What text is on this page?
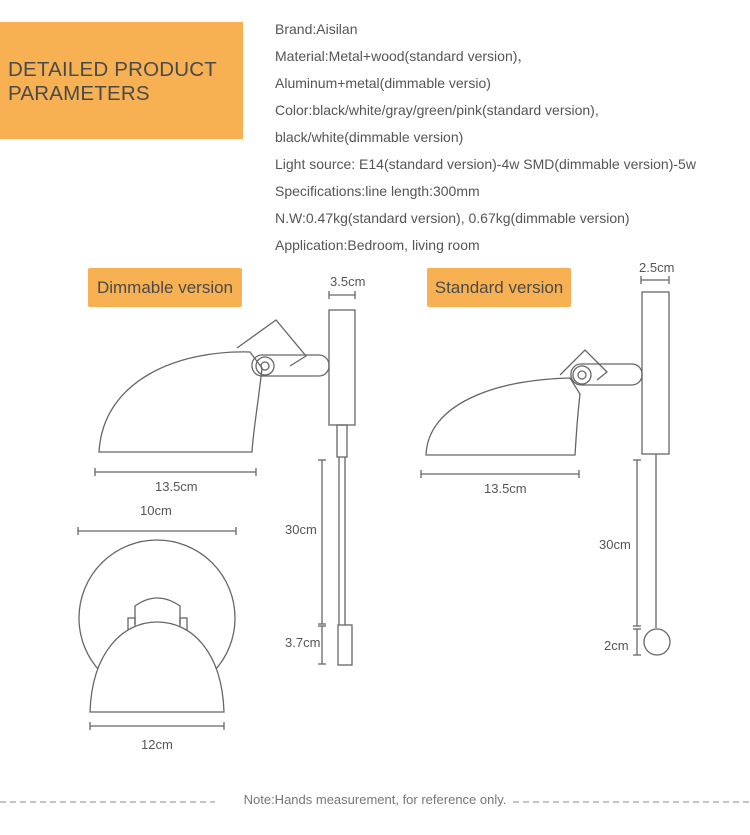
DETAILED PRODUCT
PARAMETERS
Brand:Aisilan
Material:Metal+wood(standard version)，
Aluminum+metal(dimmable versio)
Color:black/white/gray/green/pink(standard version),
black/white(dimmable version)
Light source: E14(standard version)-4w SMD(dimmable version)-5w
Specifications:line length:300mm
N.W:0.47kg(standard version), 0.67kg(dimmable version)
Application:Bedroom, living room
Dimmable version	Standard version
3.5cm
13.5cm
10cm
12cm
30cm
3.7cm
2.5cm
13.5cm
30cm
2cm
Note:Hands measurement, for reference only.
